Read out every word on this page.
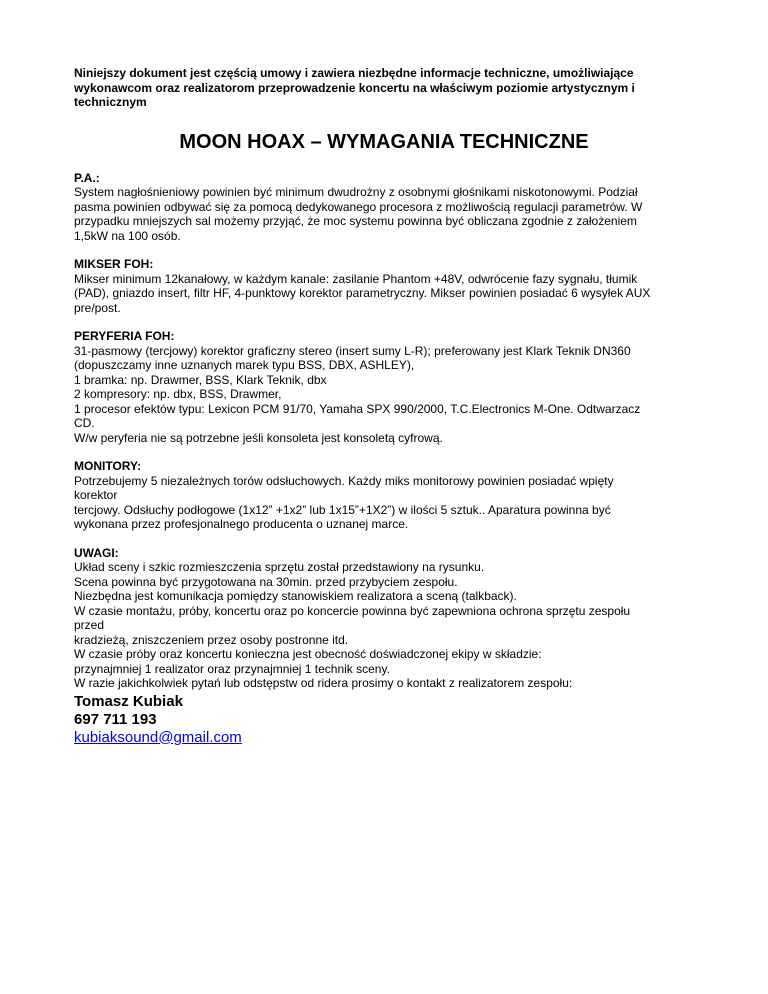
Niniejszy dokument jest częścią umowy i zawiera niezbędne informacje techniczne, umożliwiające
wykonawcom oraz realizatorom przeprowadzenie koncertu na właściwym poziomie artystycznym i
technicznym

MOON HOAX – WYMAGANIA TECHNICZNE
P.A.:
System nagłośnieniowy powinien być minimum dwudrożny z osobnymi głośnikami niskotonowymi. Podział
pasma powinien odbywać się za pomocą dedykowanego procesora z możliwością regulacji parametrów. W
przypadku mniejszych sal możemy przyjąć, że moc systemu powinna być obliczana zgodnie z założeniem
1,5kW na 100 osób.
MIKSER FOH:
Mikser minimum 12kanałowy, w każdym kanale: zasilanie Phantom +48V, odwrócenie fazy sygnału, tłumik
(PAD), gniazdo insert, filtr HF, 4-punktowy korektor parametryczny. Mikser powinien posiadać 6 wysyłek AUX
pre/post.
PERYFERIA FOH:
31-pasmowy (tercjowy) korektor graficzny stereo (insert sumy L-R); preferowany jest Klark Teknik DN360
(dopuszczamy inne uznanych marek typu BSS, DBX, ASHLEY),
1 bramka: np. Drawmer, BSS, Klark Teknik, dbx
2 kompresory: np. dbx, BSS, Drawmer,
1 procesor efektów typu: Lexicon PCM 91/70, Yamaha SPX 990/2000, T.C.Electronics M-One. Odtwarzacz
CD.
W/w peryferia nie są potrzebne jeśli konsoleta jest konsoletą cyfrową.
MONITORY:
Potrzebujemy 5 niezależnych torów odsłuchowych. Każdy miks monitorowy powinien posiadać wpięty
korektor
tercjowy. Odsłuchy podłogowe (1x12” +1x2” lub 1x15”+1X2”) w ilości 5 sztuk.. Aparatura powinna być
wykonana przez profesjonalnego producenta o uznanej marce.
UWAGI:
Układ sceny i szkic rozmieszczenia sprzętu został przedstawiony na rysunku.
Scena powinna być przygotowana na 30min. przed przybyciem zespołu.
Niezbędna jest komunikacja pomiędzy stanowiskiem realizatora a sceną (talkback).
W czasie montażu, próby, koncertu oraz po koncercie powinna być zapewniona ochrona sprzętu zespołu
przed
kradzieżą, zniszczeniem przez osoby postronne itd.
W czasie próby oraz koncertu konieczna jest obecność doświadczonej ekipy w składzie:
przynajmniej 1 realizator oraz przynajmniej 1 technik sceny.
W razie jakichkolwiek pytań lub odstępstw od ridera prosimy o kontakt z realizatorem zespołu:
Tomasz Kubiak
697 711 193
kubiaksound@gmail.com
